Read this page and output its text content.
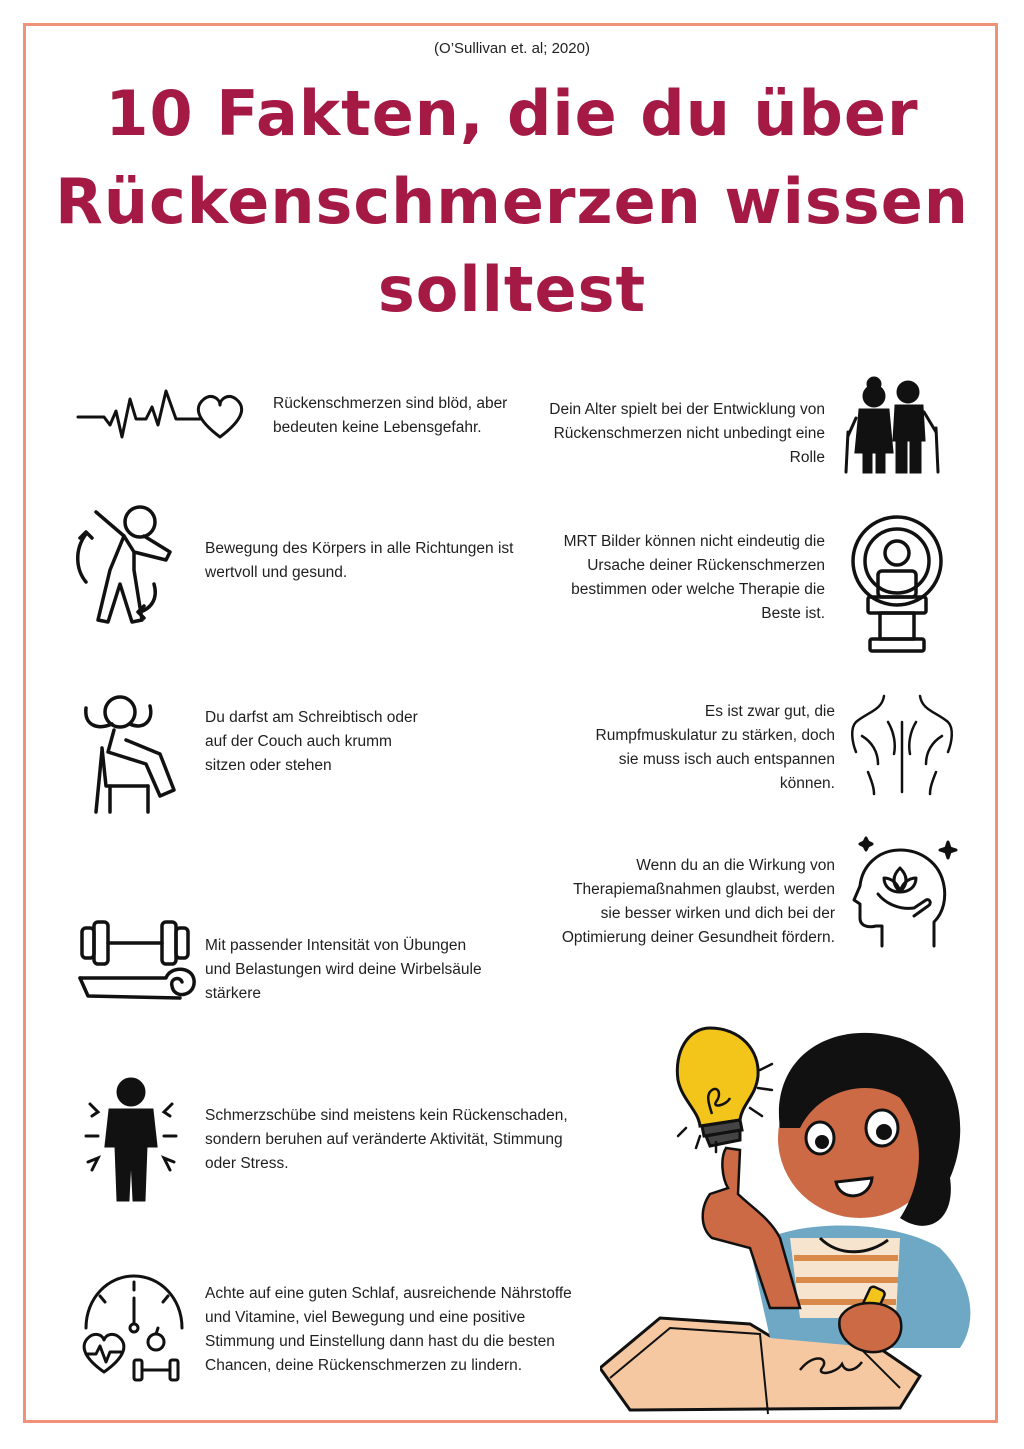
(O’Sullivan et. al; 2020)
10 Fakten, die du über Rückenschmerzen wissen solltest

Rückenschmerzen sind blöd, aber bedeuten keine Lebensgefahr.

Bewegung des Körpers in alle Richtungen ist wertvoll und gesund.

Du darfst am Schreibtisch oder auf der Couch auch krumm sitzen oder stehen

Mit passender Intensität von Übungen und Belastungen wird deine Wirbelsäule stärkere

Schmerzschübe sind meistens kein Rückenschaden, sondern beruhen auf veränderte Aktivität, Stimmung oder Stress.

Achte auf eine guten Schlaf, ausreichende Nährstoffe und Vitamine, viel Bewegung und eine positive Stimmung und Einstellung dann hast du die besten Chancen, deine Rückenschmerzen zu lindern.

Dein Alter spielt bei der Entwicklung von Rückenschmerzen nicht unbedingt eine Rolle

MRT Bilder können nicht eindeutig die Ursache deiner Rückenschmerzen bestimmen oder welche Therapie die Beste ist.

Es ist zwar gut, die Rumpfmuskulatur zu stärken, doch sie muss isch auch entspannen können.

Wenn du an die Wirkung von Therapiemaßnahmen glaubst, werden sie besser wirken und dich bei der Optimierung deiner Gesundheit fördern.
